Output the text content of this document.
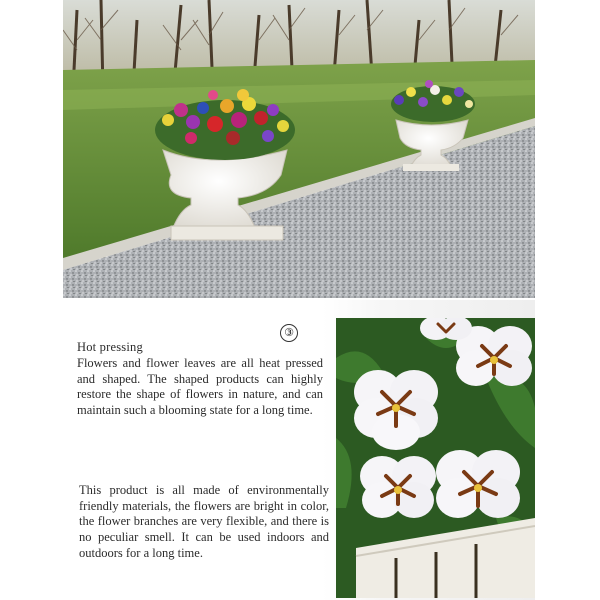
Hot pressing
③
Flowers and flower leaves are all heat pressed and shaped. The shaped products can highly restore the shape of flowers in nature, and can maintain such a blooming state for a long time.
This product is all made of environmentally friendly materials, the flowers are bright in color, the flower branches are very flexible, and there is no peculiar smell. It can be used indoors and outdoors for a long time.
